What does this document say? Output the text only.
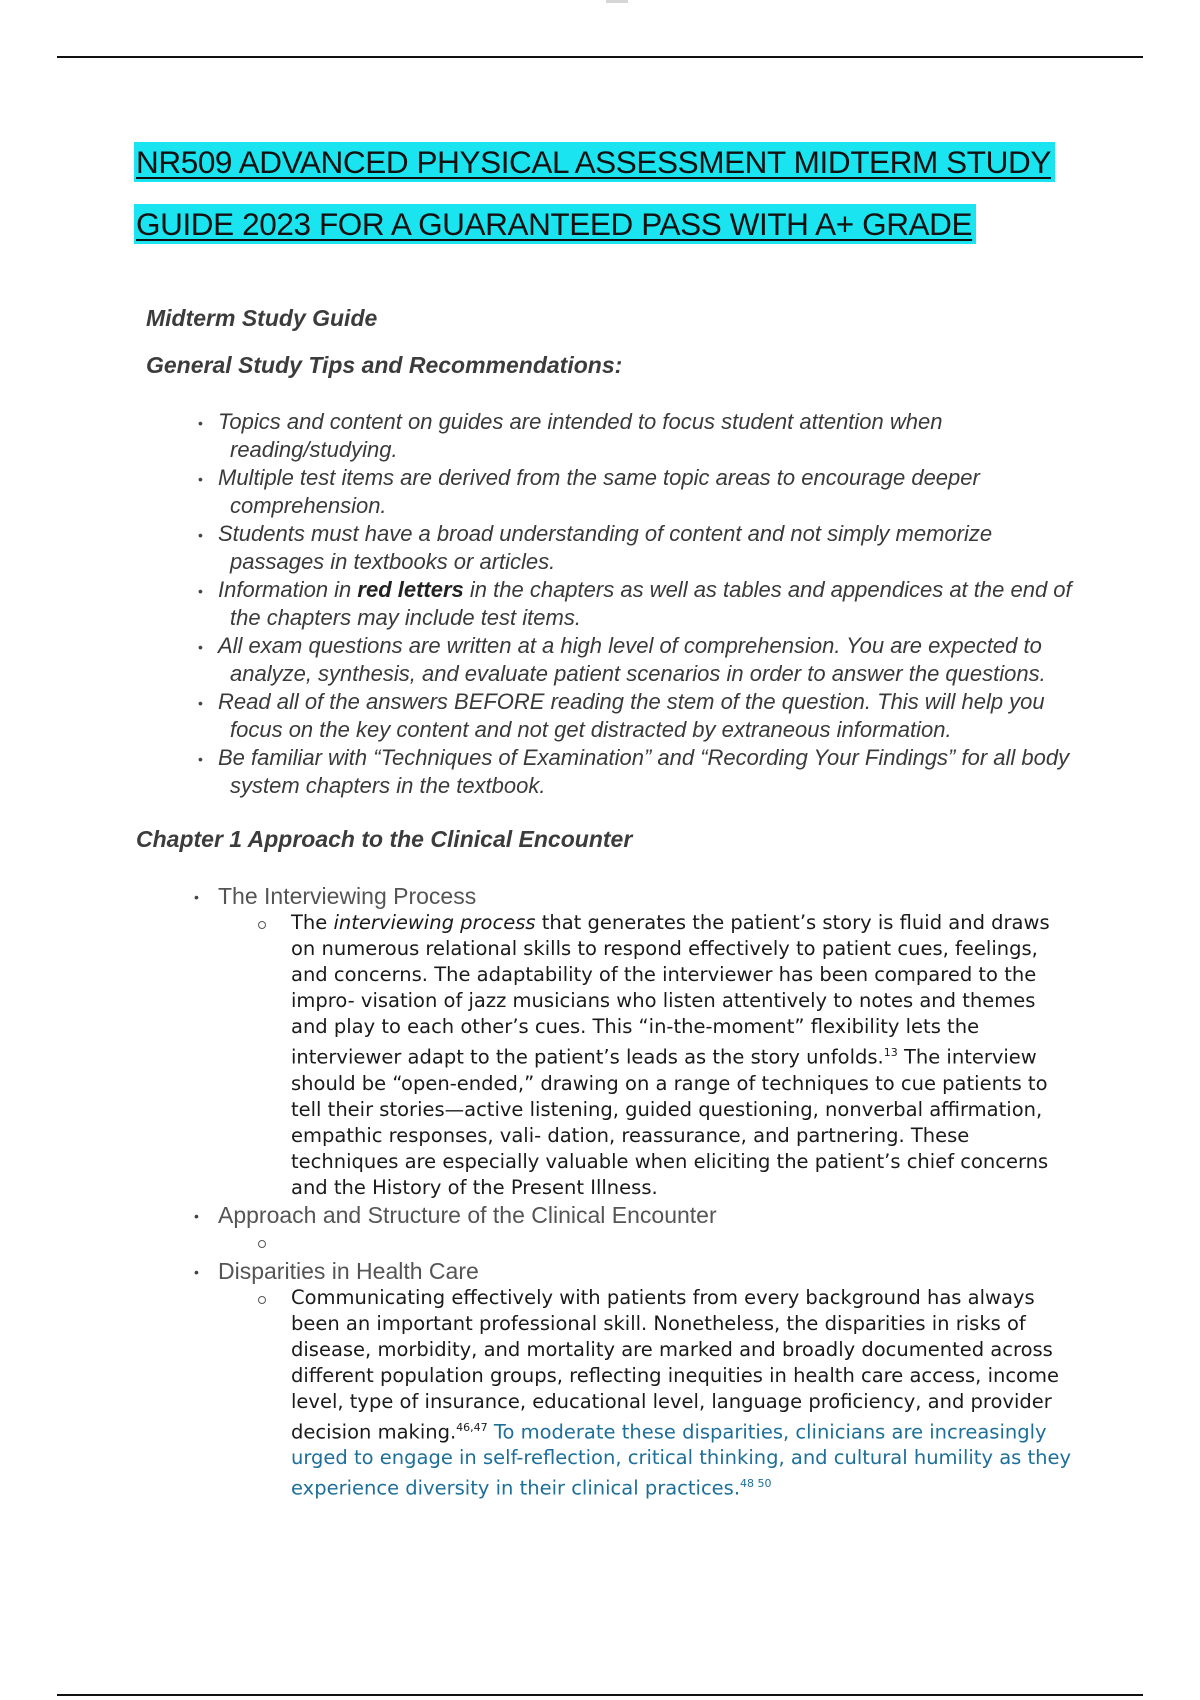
NR509 ADVANCED PHYSICAL ASSESSMENT MIDTERM STUDY GUIDE 2023 FOR A GUARANTEED PASS WITH A+ GRADE

Midterm Study Guide

General Study Tips and Recommendations:

• Topics and content on guides are intended to focus student attention when reading/studying.
• Multiple test items are derived from the same topic areas to encourage deeper comprehension.
• Students must have a broad understanding of content and not simply memorize passages in textbooks or articles.
• Information in red letters in the chapters as well as tables and appendices at the end of the chapters may include test items.
• All exam questions are written at a high level of comprehension. You are expected to analyze, synthesis, and evaluate patient scenarios in order to answer the questions.
• Read all of the answers BEFORE reading the stem of the question. This will help you focus on the key content and not get distracted by extraneous information.
• Be familiar with “Techniques of Examination” and “Recording Your Findings” for all body system chapters in the textbook.

Chapter 1 Approach to the Clinical Encounter

• The Interviewing Process

The interviewing process that generates the patient’s story is fluid and draws on numerous relational skills to respond effectively to patient cues, feelings, and concerns. The adaptability of the interviewer has been compared to the impro- visation of jazz musicians who listen attentively to notes and themes and play to each other’s cues. This “in-the-moment” flexibility lets the interviewer adapt to the patient’s leads as the story unfolds.$^{13}$ The interview should be “open-ended,” drawing on a range of techniques to cue patients to tell their stories—active listening, guided questioning, nonverbal affirmation, empathic responses, vali- dation, reassurance, and partnering. These techniques are especially valuable when eliciting the patient’s chief concerns and the History of the Present Illness.

• Approach and Structure of the Clinical Encounter

• Disparities in Health Care

Communicating effectively with patients from every background has always been an important professional skill. Nonetheless, the disparities in risks of disease, morbidity, and mortality are marked and broadly documented across different population groups, reflecting inequities in health care access, income level, type of insurance, educational level, language proficiency, and provider decision making.$^{46,47}$ To moderate these disparities, clinicians are increasingly urged to engage in self-reflection, critical thinking, and cultural humility as they experience diversity in their clinical practices.$^{48 50}$
